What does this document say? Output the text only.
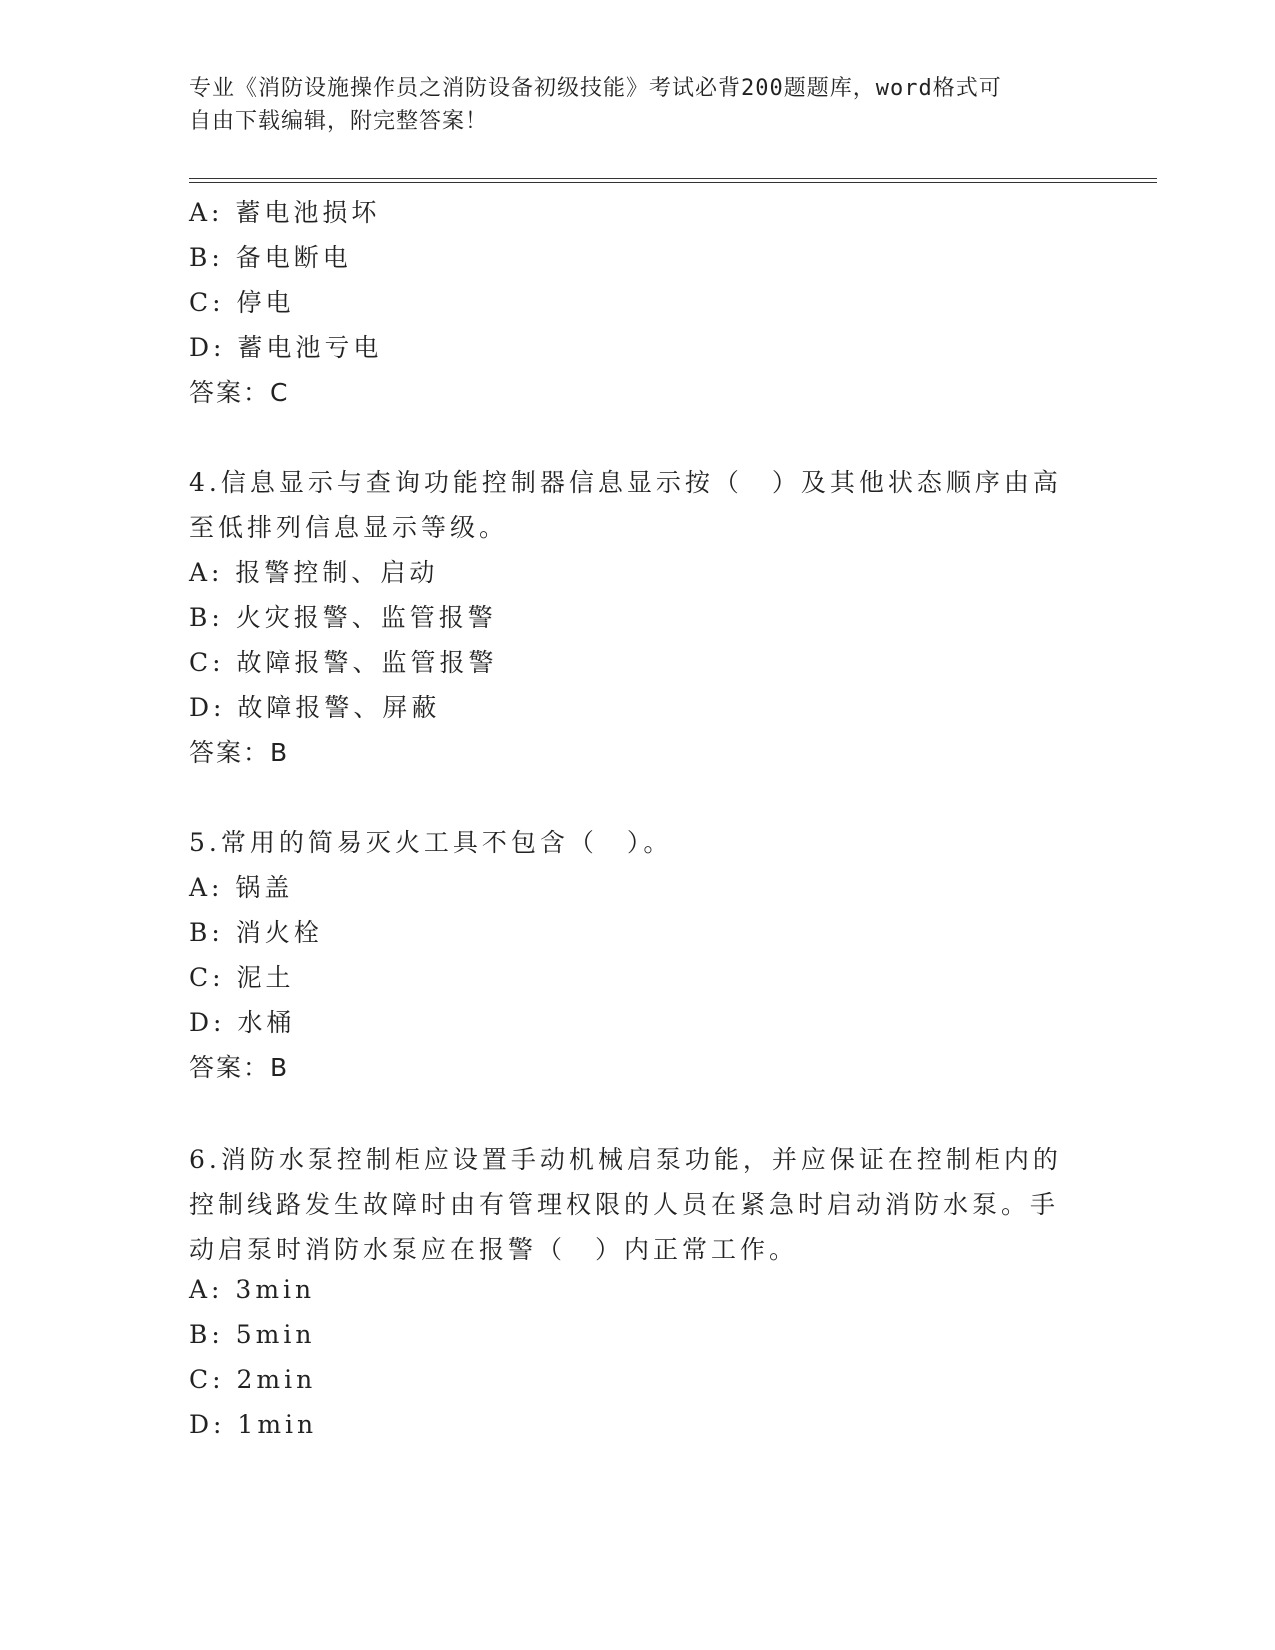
专业《消防设施操作员之消防设备初级技能》考试必背200题题库，word格式可
自由下载编辑，附完整答案！
A: 蓄电池损坏
B: 备电断电
C: 停电
D: 蓄电池亏电
答案：C
4.信息显示与查询功能控制器信息显示按（　）及其他状态顺序由高
至低排列信息显示等级。
A: 报警控制、启动
B: 火灾报警、监管报警
C: 故障报警、监管报警
D: 故障报警、屏蔽
答案：B
5.常用的简易灭火工具不包含（　）。
A: 锅盖
B: 消火栓
C: 泥土
D: 水桶
答案：B
6.消防水泵控制柜应设置手动机械启泵功能，并应保证在控制柜内的
控制线路发生故障时由有管理权限的人员在紧急时启动消防水泵。手
动启泵时消防水泵应在报警（　）内正常工作。
A: 3min
B: 5min
C: 2min
D: 1min
